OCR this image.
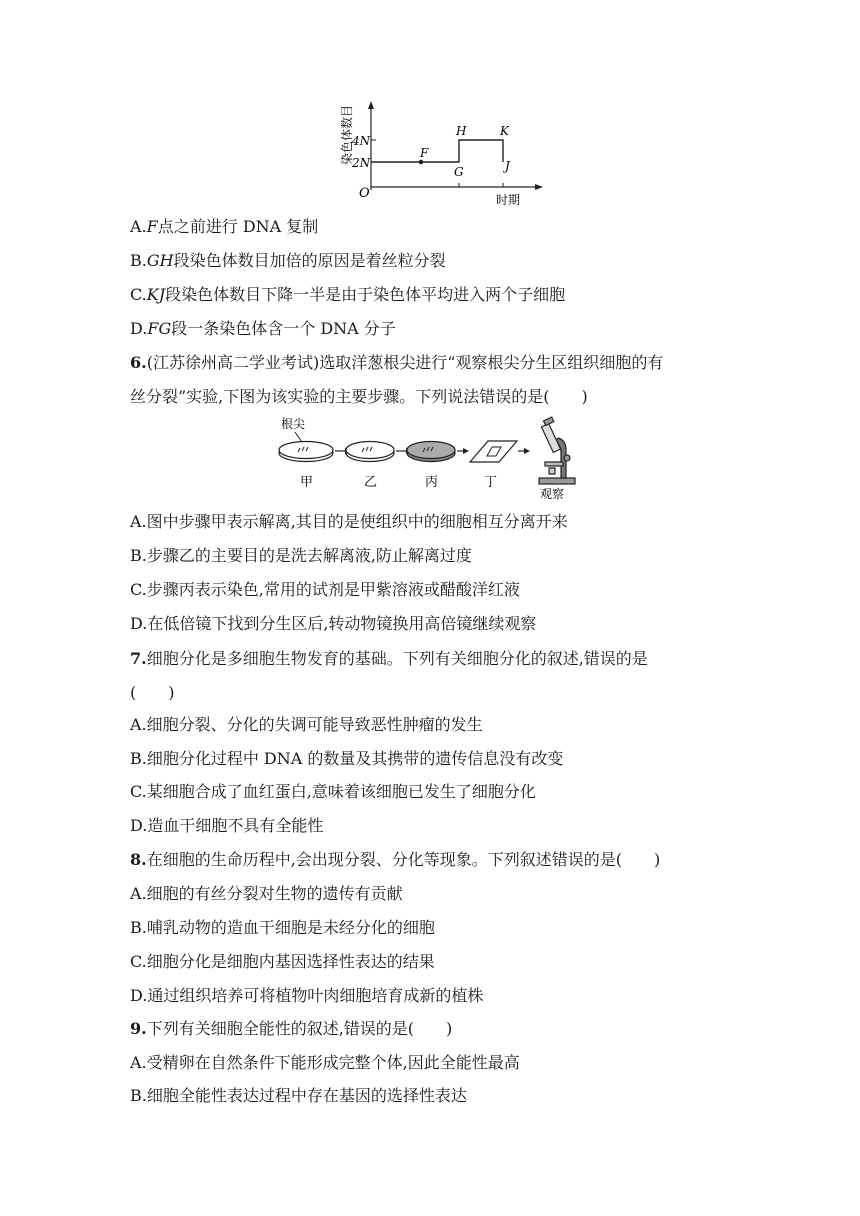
染色体数目
4N
2N
O
F
H	K
G	J
时期
A.F点之前进行 DNA 复制
B.GH段染色体数目加倍的原因是着丝粒分裂
C.KJ段染色体数目下降一半是由于染色体平均进入两个子细胞
D.FG段一条染色体含一个 DNA 分子
6.(江苏徐州高二学业考试)选取洋葱根尖进行“观察根尖分生区组织细胞的有
丝分裂”实验,下图为该实验的主要步骤。下列说法错误的是(　　)
根尖
甲	乙	丙	丁
观察
A.图中步骤甲表示解离,其目的是使组织中的细胞相互分离开来
B.步骤乙的主要目的是洗去解离液,防止解离过度
C.步骤丙表示染色,常用的试剂是甲紫溶液或醋酸洋红液
D.在低倍镜下找到分生区后,转动物镜换用高倍镜继续观察
7.细胞分化是多细胞生物发育的基础。下列有关细胞分化的叙述,错误的是
(　　)
A.细胞分裂、分化的失调可能导致恶性肿瘤的发生
B.细胞分化过程中 DNA 的数量及其携带的遗传信息没有改变
C.某细胞合成了血红蛋白,意味着该细胞已发生了细胞分化
D.造血干细胞不具有全能性
8.在细胞的生命历程中,会出现分裂、分化等现象。下列叙述错误的是(　　)
A.细胞的有丝分裂对生物的遗传有贡献
B.哺乳动物的造血干细胞是未经分化的细胞
C.细胞分化是细胞内基因选择性表达的结果
D.通过组织培养可将植物叶肉细胞培育成新的植株
9.下列有关细胞全能性的叙述,错误的是(　　)
A.受精卵在自然条件下能形成完整个体,因此全能性最高
B.细胞全能性表达过程中存在基因的选择性表达
